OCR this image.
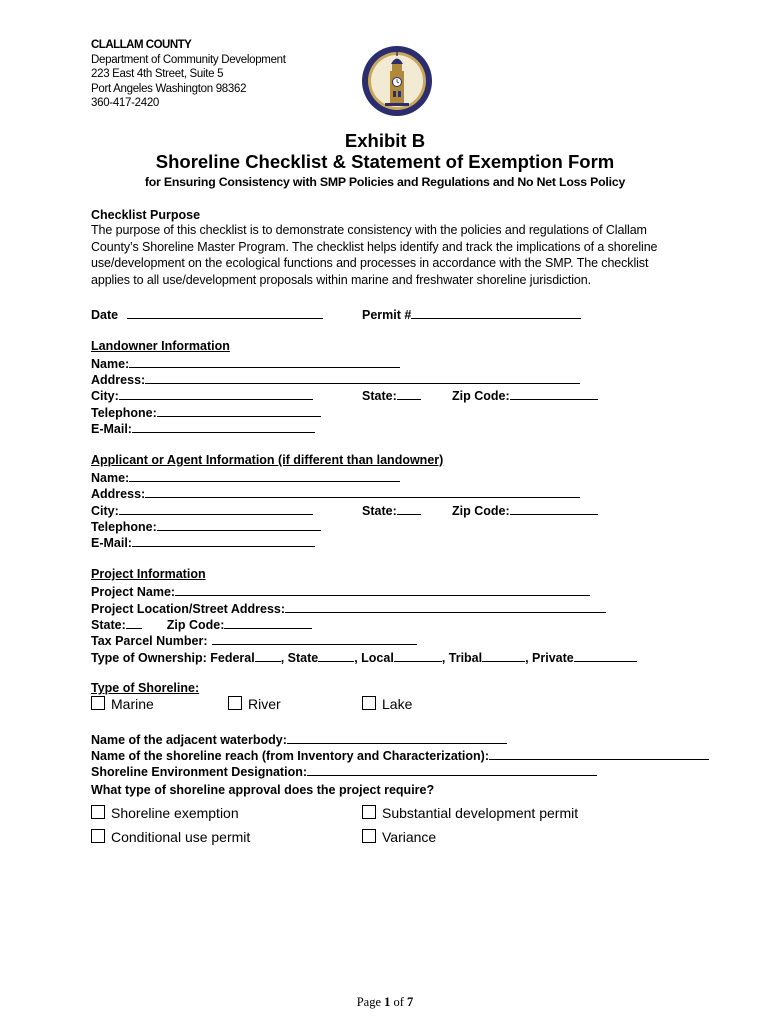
CLALLAM COUNTY
Department of Community Development
223 East 4th Street, Suite 5
Port Angeles Washington 98362
360-417-2420
Exhibit B
Shoreline Checklist & Statement of Exemption Form
for Ensuring Consistency with SMP Policies and Regulations and No Net Loss Policy
Checklist Purpose
The purpose of this checklist is to demonstrate consistency with the policies and regulations of Clallam County’s Shoreline Master Program. The checklist helps identify and track the implications of a shoreline use/development on the ecological functions and processes in accordance with the SMP. The checklist applies to all use/development proposals within marine and freshwater shoreline jurisdiction.
Date	Permit #
Landowner Information
Name:
Address:
City:	State:	Zip Code:
Telephone:
E-Mail:
Applicant or Agent Information (if different than landowner)
Name:
Address:
City:	State:	Zip Code:
Telephone:
E-Mail:
Project Information
Project Name:
Project Location/Street Address:
State:	Zip Code:
Tax Parcel Number:
Type of Ownership: Federal , State	, Local	, Tribal	, Private
Type of Shoreline:
Marine	River	Lake
Name of the adjacent waterbody:
Name of the shoreline reach (from Inventory and Characterization):
Shoreline Environment Designation:
What type of shoreline approval does the project require?
Shoreline exemption	Substantial development permit
Conditional use permit	Variance
Page 1 of 7
